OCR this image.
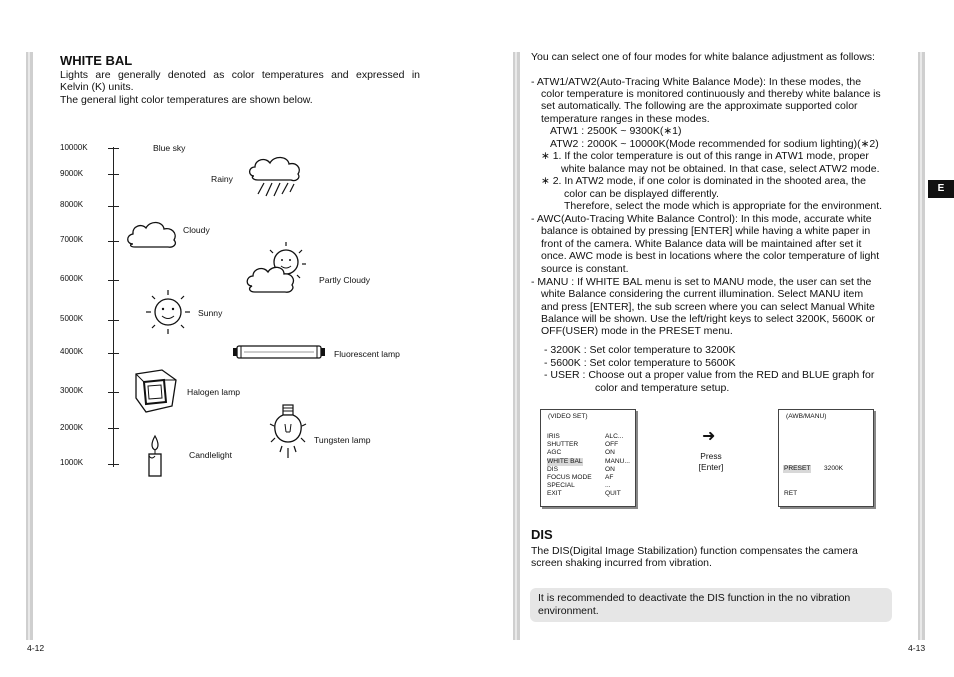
WHITE BAL
Lights are generally denoted as color temperatures and expressed in
Kelvin (K) units.
The general light color temperatures are shown below.
10000K
9000K
8000K
7000K
6000K
5000K
4000K
3000K
2000K
1000K
Blue sky
Rainy
Cloudy
Partly Cloudy
Sunny
Fluorescent lamp
Halogen lamp
Tungsten lamp
Candlelight
4-12
You can select one of four modes for white balance adjustment as follows:
- ATW1/ATW2(Auto-Tracing White Balance Mode): In these modes, the
color temperature is monitored continuously and thereby white balance is
set automatically. The following are the approximate supported color
temperature ranges in these modes.
ATW1 : 2500K ~ 9300K(∗1)
ATW2 : 2000K ~ 10000K(Mode recommended for sodium lighting)(∗2)
∗ 1. If the color temperature is out of this range in ATW1 mode, proper
white balance may not be obtained. In that case, select ATW2 mode.
∗ 2. In ATW2 mode, if one color is dominated in the shooted area, the
color can be displayed differently.
Therefore, select the mode which is appropriate for the environment.
- AWC(Auto-Tracing White Balance Control): In this mode, accurate white
balance is obtained by pressing [ENTER] while having a white paper in
front of the camera. White Balance data will be maintained after set it
once. AWC mode is best in locations where the color temperature of light
source is constant.
- MANU : If WHITE BAL menu is set to MANU mode, the user can set the
white Balance considering the current illumination. Select MANU item
and press [ENTER], the sub screen where you can select Manual White
Balance will be shown. Use the left/right keys to select 3200K, 5600K or
OFF(USER) mode in the PRESET menu.
- 3200K : Set color temperature to 3200K
- 5600K : Set color temperature to 5600K
- USER : Choose out a proper value from the RED and BLUE graph for
color and temperature setup.
(VIDEO SET)
IRIS	ALC...
SHUTTER	OFF
AGC	ON
WHITE BAL	MANU...
DIS	ON
FOCUS MODE AF
SPECIAL	...
EXIT	QUIT
➜
Press
[Enter]
(AWB/MANU)
PRESET 3200K
RET
DIS
The DIS(Digital Image Stabilization) function compensates the camera
screen shaking incurred from vibration.
It is recommended to deactivate the DIS function in the no vibration
environment.
E
4-13
